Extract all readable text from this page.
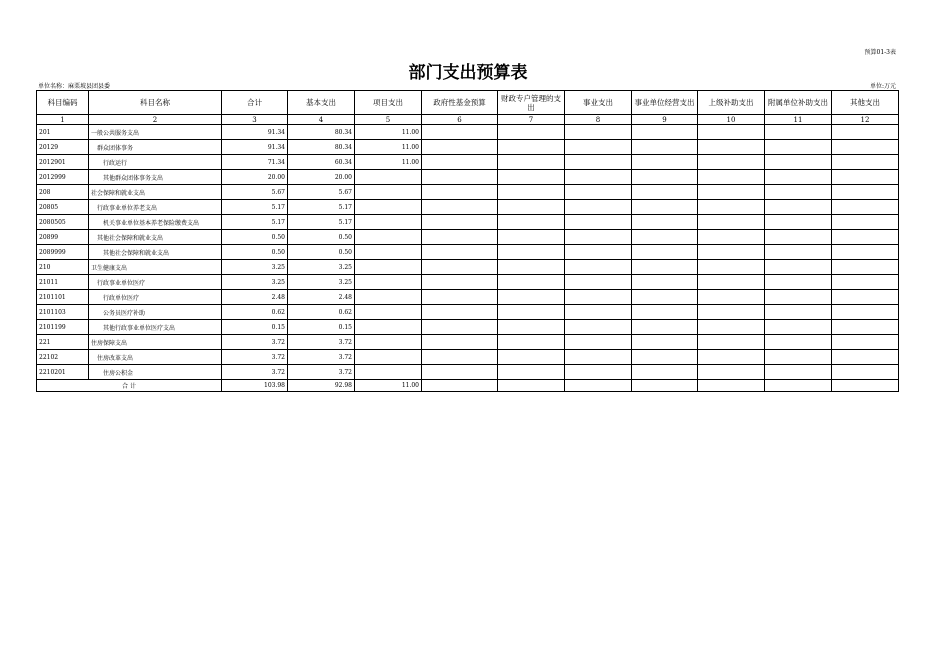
预算01-3表
部门支出预算表
单位名称：麻栗坡县团县委	单位:万元
科目编码	科目名称	合计	基本支出	项目支出	政府性基金预算	财政专户管理的支出	事业支出	事业单位经营支出	上级补助支出	附属单位补助支出	其他支出
1	2	3	4	5	6	7	8	9	10	11	12
201	一般公共服务支出	91.34	80.34	11.00							
20129	群众团体事务	91.34	80.34	11.00							
2012901	行政运行	71.34	60.34	11.00							
2012999	其他群众团体事务支出	20.00	20.00								
208	社会保障和就业支出	5.67	5.67								
20805	行政事业单位养老支出	5.17	5.17								
2080505	机关事业单位基本养老保险缴费支出	5.17	5.17								
20899	其他社会保障和就业支出	0.50	0.50								
2089999	其他社会保障和就业支出	0.50	0.50								
210	卫生健康支出	3.25	3.25								
21011	行政事业单位医疗	3.25	3.25								
2101101	行政单位医疗	2.48	2.48								
2101103	公务员医疗补助	0.62	0.62								
2101199	其他行政事业单位医疗支出	0.15	0.15								
221	住房保障支出	3.72	3.72								
22102	住房改革支出	3.72	3.72								
2210201	住房公积金	3.72	3.72								
合 计		103.98	92.98	11.00							
